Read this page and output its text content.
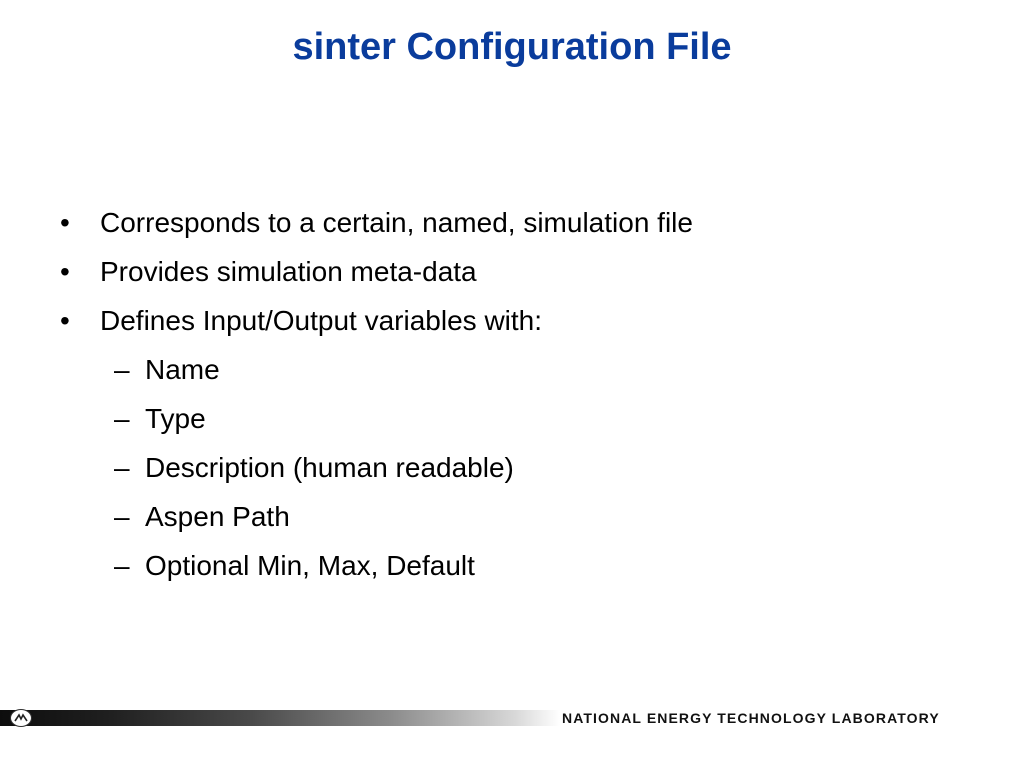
sinter Configuration File
•	Corresponds to a certain, named, simulation file
•	Provides simulation meta-data
•	Defines Input/Output variables with:
– Name
– Type
– Description (human readable)
– Aspen Path
– Optional Min, Max, Default
NATIONAL ENERGY TECHNOLOGY LABORATORY
